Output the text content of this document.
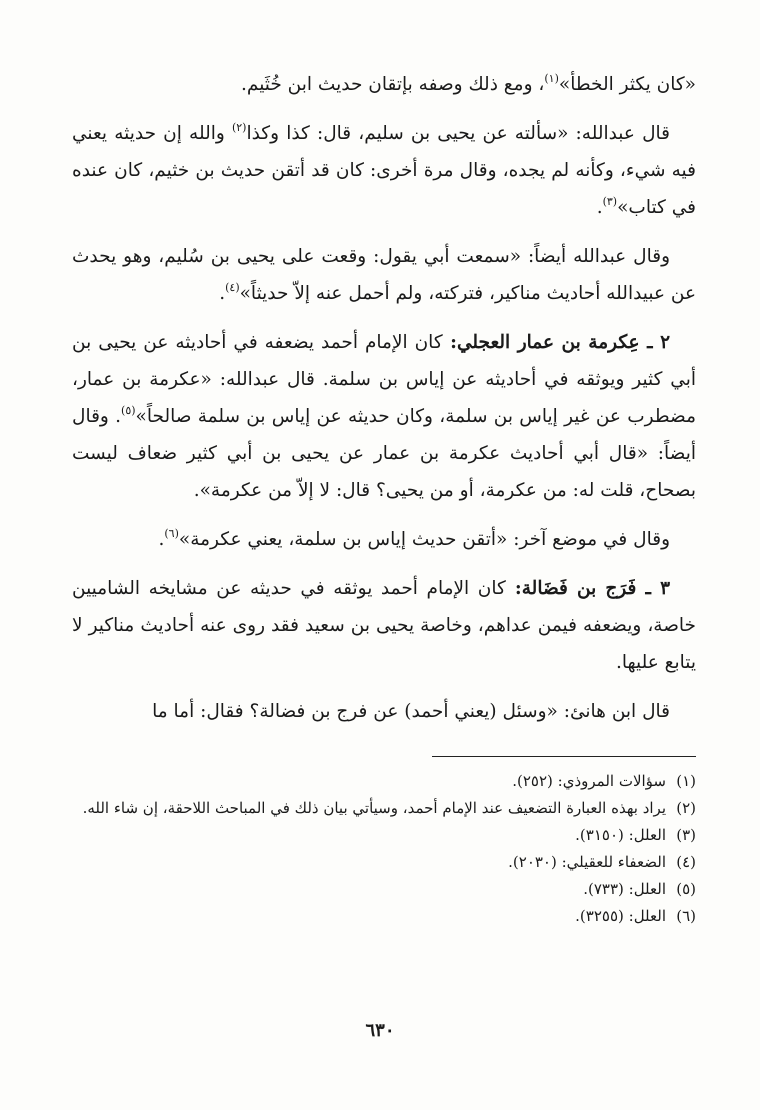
«كان يكثر الخطأ»$^{(١)}$، ومع ذلك وصفه بإتقان حديث ابن خُثَيم.

قال عبدالله: «سألته عن يحيى بن سليم، قال: كذا وكذا$^{(٢)}$ والله إن حديثه يعني فيه شيء، وكأنه لم يجده، وقال مرة أخرى: كان قد أتقن حديث بن خثيم، كان عنده في كتاب»$^{(٣)}$.

وقال عبدالله أيضاً: «سمعت أبي يقول: وقعت على يحيى بن سُليم، وهو يحدث عن عبيدالله أحاديث مناكير، فتركته، ولم أحمل عنه إلاّ حديثاً»$^{(٤)}$.

٢ ـ عِكرمة بن عمار العجلي: كان الإمام أحمد يضعفه في أحاديثه عن يحيى بن أبي كثير ويوثقه في أحاديثه عن إياس بن سلمة. قال عبدالله: «عكرمة بن عمار، مضطرب عن غير إياس بن سلمة، وكان حديثه عن إياس بن سلمة صالحاً»$^{(٥)}$. وقال أيضاً: «قال أبي أحاديث عكرمة بن عمار عن يحيى بن أبي كثير ضعاف ليست بصحاح، قلت له: من عكرمة، أو من يحيى؟ قال: لا إلاّ من عكرمة».

وقال في موضع آخر: «أتقن حديث إياس بن سلمة، يعني عكرمة»$^{(٦)}$.

٣ ـ فَرَج بن فَضَالة: كان الإمام أحمد يوثقه في حديثه عن مشايخه الشاميين خاصة، ويضعفه فيمن عداهم، وخاصة يحيى بن سعيد فقد روى عنه أحاديث مناكير لا يتابع عليها.

قال ابن هانئ: «وسئل (يعني أحمد) عن فرج بن فضالة؟ فقال: أما ما

(١)
سؤالات المروذي: (٢٥٢).
(٢)
يراد بهذه العبارة التضعيف عند الإمام أحمد، وسيأتي بيان ذلك في المباحث اللاحقة، إن شاء الله.
(٣)
العلل: (٣١٥٠).
(٤)
الضعفاء للعقيلي: (٢٠٣٠).
(٥)
العلل: (٧٣٣).
(٦)
العلل: (٣٢٥٥).
٦٣٠
